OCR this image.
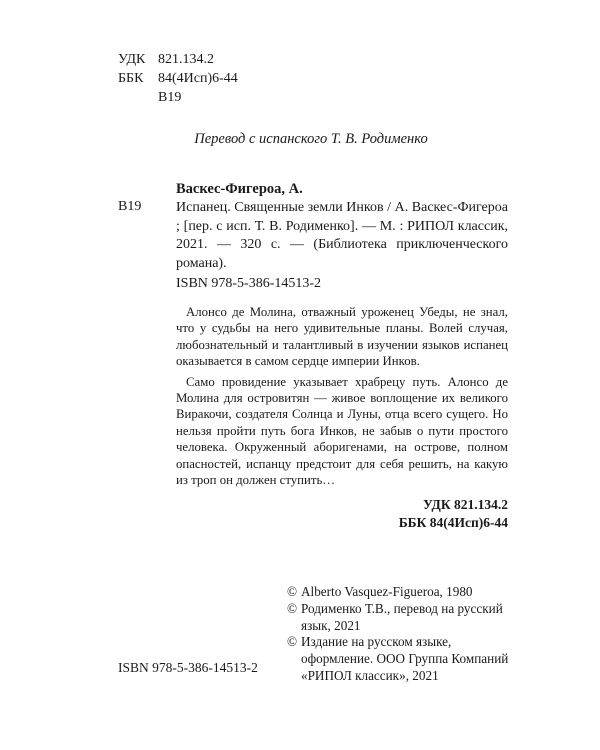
УДК 821.134.2
ББК	84(4Исп)6-44
В19
Перевод с испанского Т. В. Родименко
Васкес-Фигероа, А.
В19 Испанец. Священные земли Инков / А. Васкес-Фигероа ; [пер. с исп. Т. В. Родименко]. — М. : РИПОЛ классик, 2021. — 320 с. — (Библиотека приключенческого романа).
ISBN 978-5-386-14513-2

Алонсо де Молина, отважный уроженец Убеды, не знал, что у судьбы на него удивительные планы. Волей случая, любознательный и талантливый в изучении языков испанец оказывается в самом сердце империи Инков.

Само провидение указывает храбрецу путь. Алонсо де Молина для островитян — живое воплощение их великого Виракочи, создателя Солнца и Луны, отца всего сущего. Но нельзя пройти путь бога Инков, не забыв о пути простого человека. Окруженный аборигенами, на острове, полном опасностей, испанцу предстоит для себя решить, на какую из троп он должен ступить…

УДК 821.134.2
ББК 84(4Исп)6-44
ISBN 978-5-386-14513-2
© Alberto Vasquez-Figueroa, 1980
© Родименко Т.В., перевод на русский язык, 2021
© Издание на русском языке, оформление. ООО Группа Компаний «РИПОЛ классик», 2021
